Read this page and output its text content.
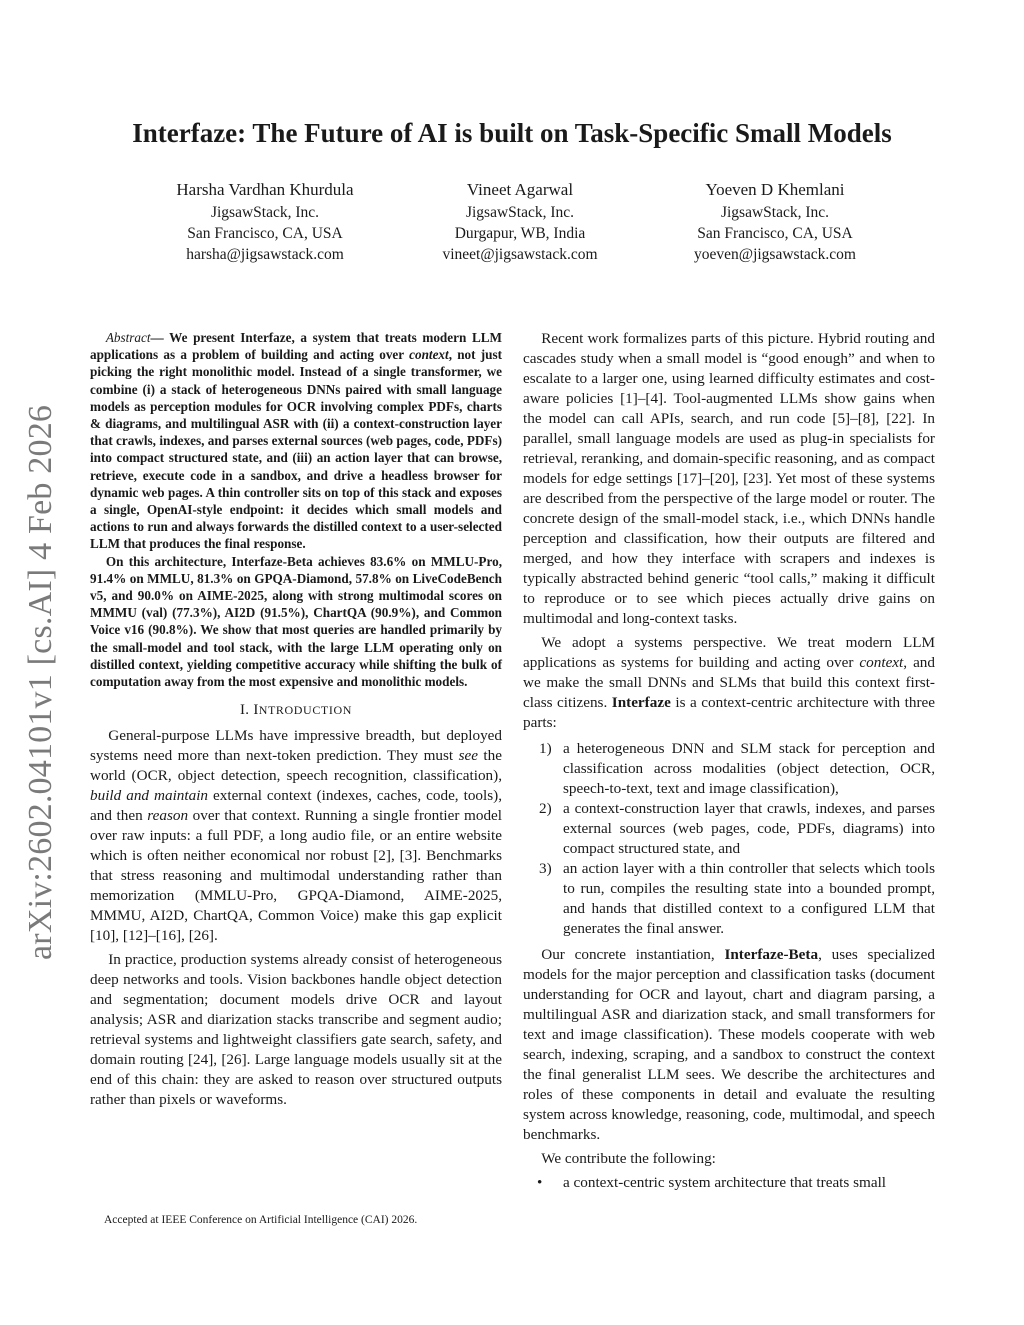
arXiv:2602.04101v1 [cs.AI] 4 Feb 2026
Interfaze: The Future of AI is built on Task-Specific Small Models
Harsha Vardhan Khurdula
JigsawStack, Inc.
San Francisco, CA, USA
harsha@jigsawstack.com
Vineet Agarwal
JigsawStack, Inc.
Durgapur, WB, India
vineet@jigsawstack.com
Yoeven D Khemlani
JigsawStack, Inc.
San Francisco, CA, USA
yoeven@jigsawstack.com

Abstract— We present Interfaze, a system that treats modern LLM applications as a problem of building and acting over context, not just picking the right monolithic model. Instead of a single transformer, we combine (i) a stack of heterogeneous DNNs paired with small language models as perception modules for OCR involving complex PDFs, charts & diagrams, and multilingual ASR with (ii) a context-construction layer that crawls, indexes, and parses external sources (web pages, code, PDFs) into compact structured state, and (iii) an action layer that can browse, retrieve, execute code in a sandbox, and drive a headless browser for dynamic web pages. A thin controller sits on top of this stack and exposes a single, OpenAI-style endpoint: it decides which small models and actions to run and always forwards the distilled context to a user-selected LLM that produces the final response.

On this architecture, Interfaze-Beta achieves 83.6% on MMLU-Pro, 91.4% on MMLU, 81.3% on GPQA-Diamond, 57.8% on LiveCodeBench v5, and 90.0% on AIME-2025, along with strong multimodal scores on MMMU (val) (77.3%), AI2D (91.5%), ChartQA (90.9%), and Common Voice v16 (90.8%). We show that most queries are handled primarily by the small-model and tool stack, with the large LLM operating only on distilled context, yielding competitive accuracy while shifting the bulk of computation away from the most expensive and monolithic models.

I. INTRODUCTION

General-purpose LLMs have impressive breadth, but deployed systems need more than next-token prediction. They must see the world (OCR, object detection, speech recognition, classification), build and maintain external context (indexes, caches, code, tools), and then reason over that context. Running a single frontier model over raw inputs: a full PDF, a long audio file, or an entire website which is often neither economical nor robust [2], [3]. Benchmarks that stress reasoning and multimodal understanding rather than memorization (MMLU-Pro, GPQA-Diamond, AIME-2025, MMMU, AI2D, ChartQA, Common Voice) make this gap explicit [10], [12]–[16], [26].

In practice, production systems already consist of heterogeneous deep networks and tools. Vision backbones handle object detection and segmentation; document models drive OCR and layout analysis; ASR and diarization stacks transcribe and segment audio; retrieval systems and lightweight classifiers gate search, safety, and domain routing [24], [26]. Large language models usually sit at the end of this chain: they are asked to reason over structured outputs rather than pixels or waveforms.

Accepted at IEEE Conference on Artificial Intelligence (CAI) 2026.

Recent work formalizes parts of this picture. Hybrid routing and cascades study when a small model is “good enough” and when to escalate to a larger one, using learned difficulty estimates and cost-aware policies [1]–[4]. Tool-augmented LLMs show gains when the model can call APIs, search, and run code [5]–[8], [22]. In parallel, small language models are used as plug-in specialists for retrieval, reranking, and domain-specific reasoning, and as compact models for edge settings [17]–[20], [23]. Yet most of these systems are described from the perspective of the large model or router. The concrete design of the small-model stack, i.e., which DNNs handle perception and classification, how their outputs are filtered and merged, and how they interface with scrapers and indexes is typically abstracted behind generic “tool calls,” making it difficult to reproduce or to see which pieces actually drive gains on multimodal and long-context tasks.

We adopt a systems perspective. We treat modern LLM applications as systems for building and acting over context, and we make the small DNNs and SLMs that build this context first-class citizens. Interfaze is a context-centric architecture with three parts:

1) a heterogeneous DNN and SLM stack for perception and classification across modalities (object detection, OCR, speech-to-text, text and image classification),
2) a context-construction layer that crawls, indexes, and parses external sources (web pages, code, PDFs, diagrams) into compact structured state, and
3) an action layer with a thin controller that selects which tools to run, compiles the resulting state into a bounded prompt, and hands that distilled context to a configured LLM that generates the final answer.

Our concrete instantiation, Interfaze-Beta, uses specialized models for the major perception and classification tasks (document understanding for OCR and layout, chart and diagram parsing, a multilingual ASR and diarization stack, and small transformers for text and image classification). These models cooperate with web search, indexing, scraping, and a sandbox to construct the context the final generalist LLM sees. We describe the architectures and roles of these components in detail and evaluate the resulting system across knowledge, reasoning, code, multimodal, and speech benchmarks.

We contribute the following:

• a context-centric system architecture that treats small
